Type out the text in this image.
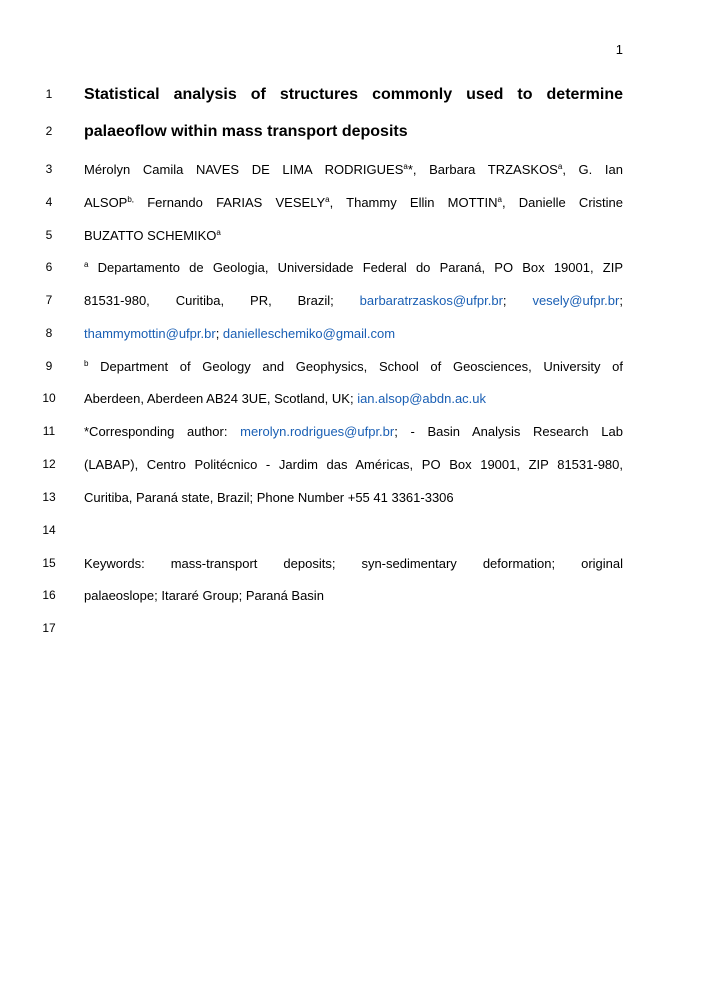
1
1	Statistical analysis of structures commonly used to determine
2	palaeoflow within mass transport deposits
3	Mérolyn Camila NAVES DE LIMA RODRIGUES$^a$*, Barbara TRZASKOS$^a$, G. Ian
4	$ALSOP^{b,}$ Fernando FARIAS VESELY$^a$, Thammy Ellin MOTTIN$^a$, Danielle Cristine
5	BUZATTO SCHEMIKO$^a$
6	$^a$ Departamento de Geologia, Universidade Federal do Paraná, PO Box 19001, ZIP
7	81531-980, Curitiba, PR, Brazil; barbaratrzaskos@ufpr.br; vesely@ufpr.br;
8	thammymottin@ufpr.br; danielleschemiko@gmail.com
9	$^b$ Department of Geology and Geophysics, School of Geosciences, University of
10	Aberdeen, Aberdeen AB24 3UE, Scotland, UK; ian.alsop@abdn.ac.uk
11	*Corresponding author: merolyn.rodrigues@ufpr.br; - Basin Analysis Research Lab
12	(LABAP), Centro Politécnico - Jardim das Américas, PO Box 19001, ZIP 81531-980,
13	Curitiba, Paraná state, Brazil; Phone Number +55 41 3361-3306
14
15	Keywords: mass-transport deposits; syn-sedimentary deformation; original
16	palaeoslope; Itararé Group; Paraná Basin
17
